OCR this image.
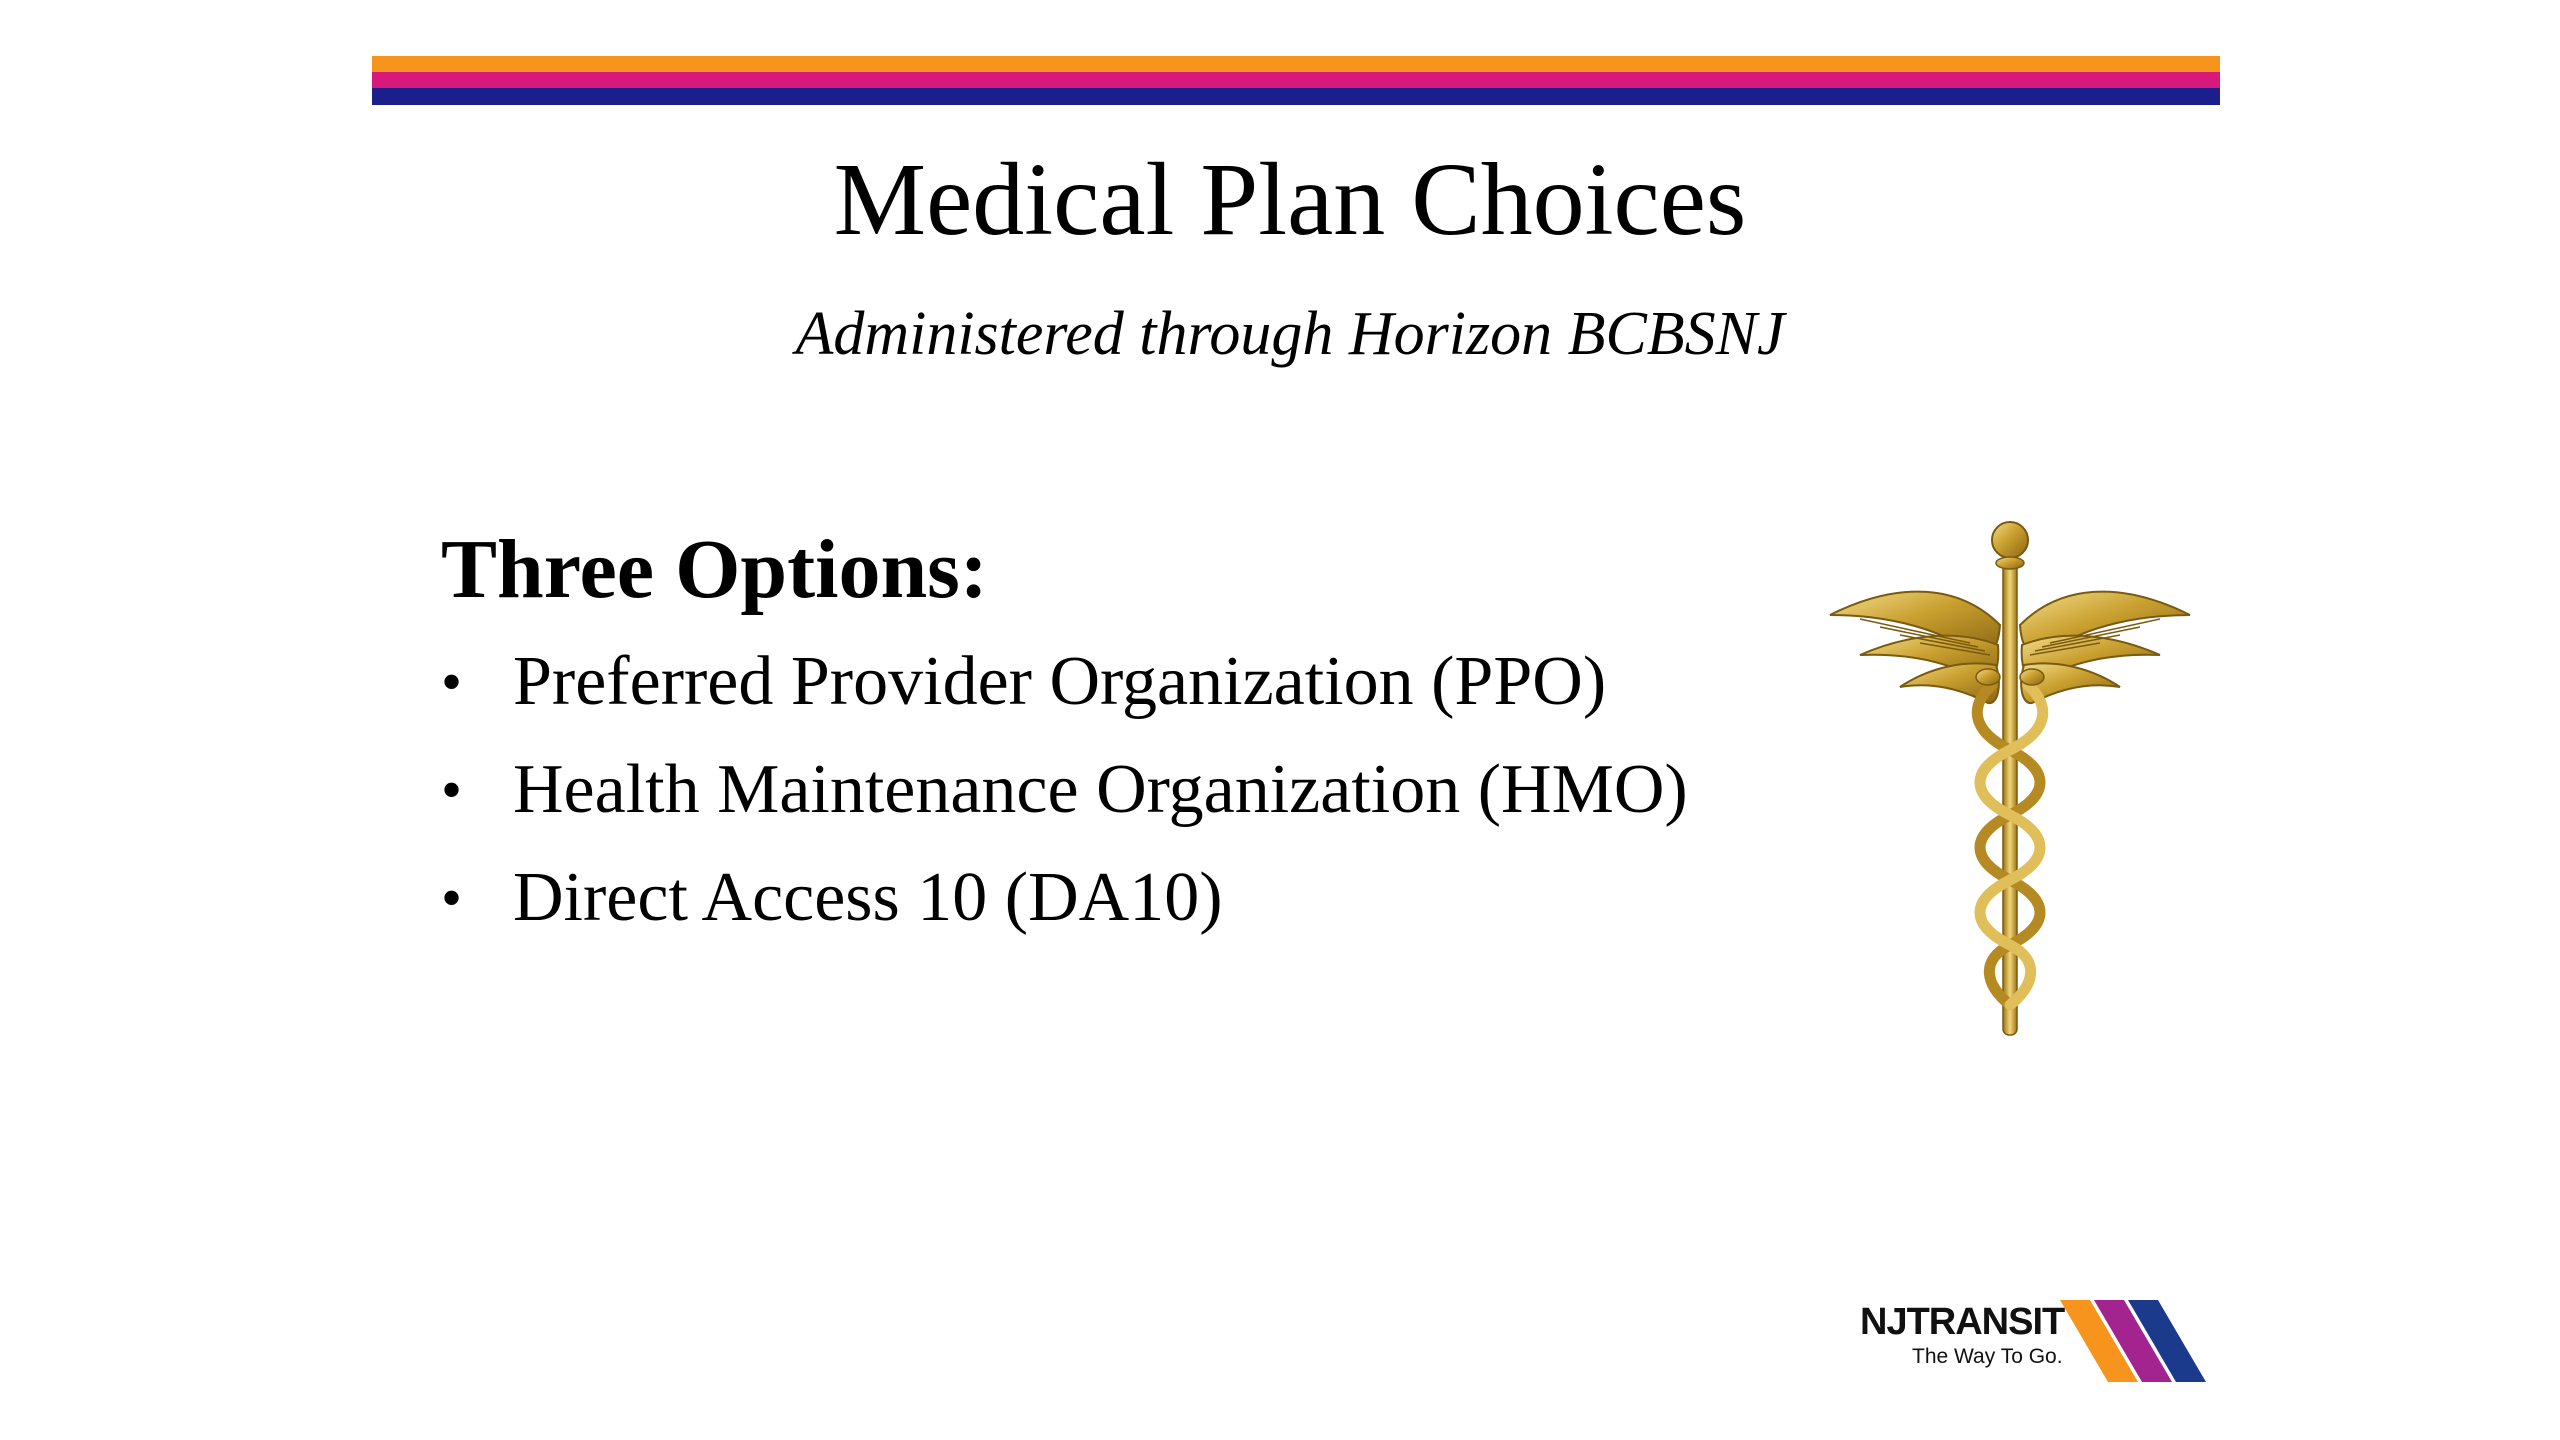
Medical Plan Choices

Administered through Horizon BCBSNJ

Three Options:
• Preferred Provider Organization (PPO)
• Health Maintenance Organization (HMO)
• Direct Access 10 (DA10)
NJTRANSIT
The Way To Go.
